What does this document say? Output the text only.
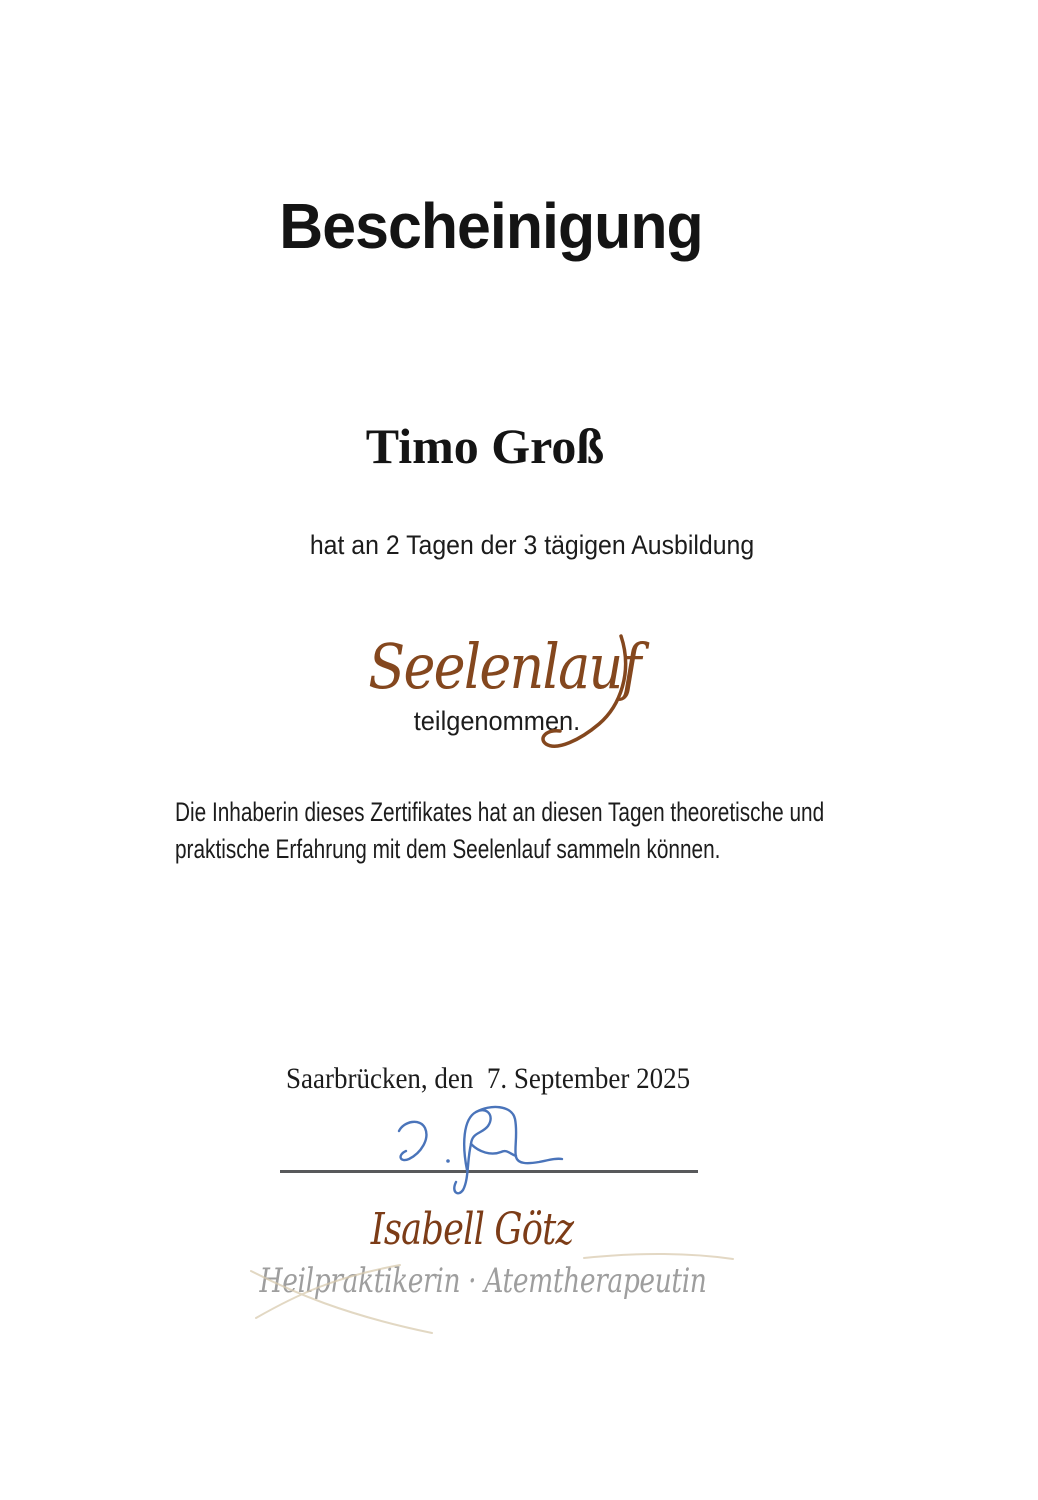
Bescheinigung
Timo Groß
hat an 2 Tagen der 3 tägigen Ausbildung
Seelenlauf
teilgenommen.
Die Inhaberin dieses Zertifikates hat an diesen Tagen theoretische und
praktische Erfahrung mit dem Seelenlauf sammeln können.
Saarbrücken, den  7. September 2025
Isabell Götz
Heilpraktikerin · Atemtherapeutin
